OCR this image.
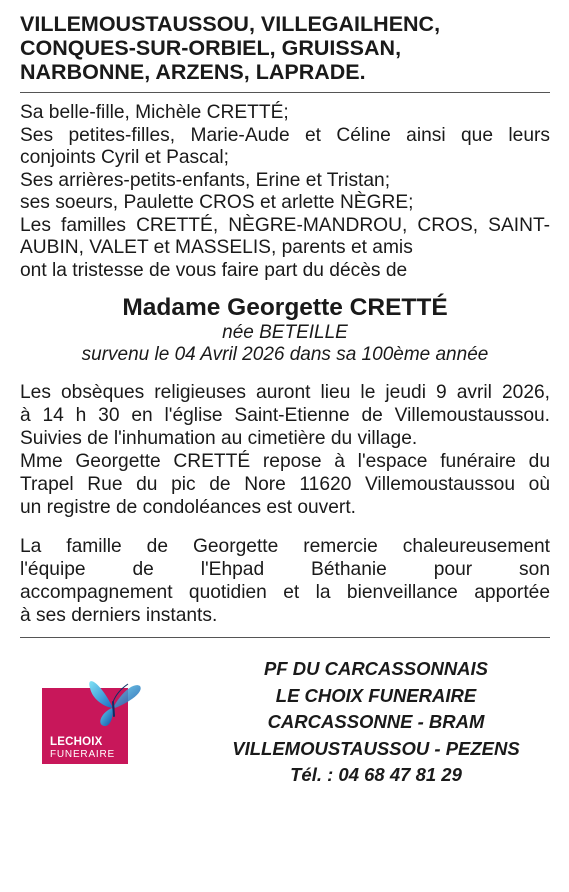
VILLEMOUSTAUSSOU, VILLEGAILHENC,
CONQUES-SUR-ORBIEL, GRUISSAN,
NARBONNE, ARZENS, LAPRADE.
Sa belle-fille, Michèle CRETTÉ;
Ses petites-filles, Marie-Aude et Céline ainsi que leurs
conjoints Cyril et Pascal;
Ses arrières-petits-enfants, Erine et Tristan;
ses soeurs, Paulette CROS et arlette NÈGRE;
Les familles CRETTÉ, NÈGRE-MANDROU, CROS, SAINT-
AUBIN, VALET et MASSELIS, parents et amis
ont la tristesse de vous faire part du décès de
Madame Georgette CRETTÉ
née BETEILLE
survenu le 04 Avril 2026 dans sa 100ème année
Les obsèques religieuses auront lieu le jeudi 9 avril 2026,
à 14 h 30 en l'église Saint-Etienne de Villemoustaussou.
Suivies de l'inhumation au cimetière du village.
Mme Georgette CRETTÉ repose à l'espace funéraire du
Trapel Rue du pic de Nore 11620 Villemoustaussou où
un registre de condoléances est ouvert.
La famille de Georgette remercie chaleureusement
l'équipe de l'Ehpad Béthanie pour son
accompagnement quotidien et la bienveillance apportée
à ses derniers instants.
LECHOIX
FUNERAIRE
PF DU CARCASSONNAIS
LE CHOIX FUNERAIRE
CARCASSONNE - BRAM
VILLEMOUSTAUSSOU - PEZENS
Tél. : 04 68 47 81 29
